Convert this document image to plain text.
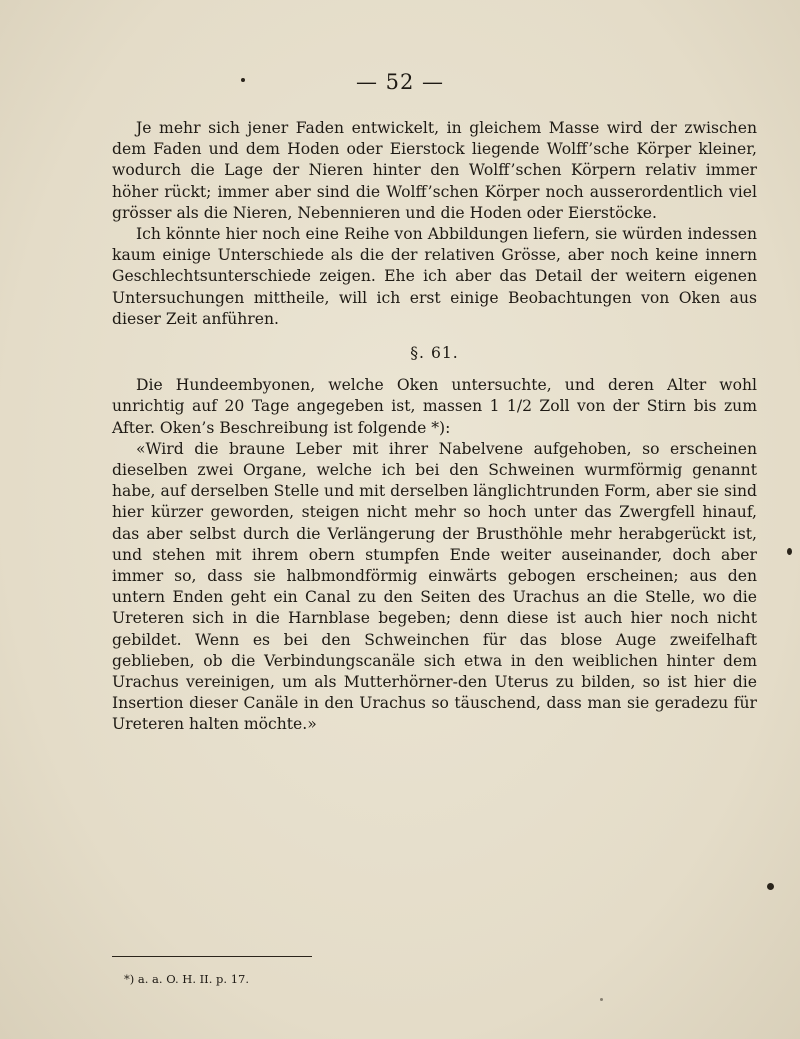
— 52 —

Je mehr sich jener Faden entwickelt, in gleichem Masse wird der zwischen dem Faden und dem Hoden oder Eierstock liegende Wolff’sche Körper kleiner, wodurch die Lage der Nieren hinter den Wolff’schen Körpern relativ immer höher rückt; immer aber sind die Wolff’schen Körper noch ausserordentlich viel grösser als die Nieren, Nebennieren und die Hoden oder Eierstöcke.

Ich könnte hier noch eine Reihe von Abbildungen liefern, sie würden indessen kaum einige Unterschiede als die der relativen Grösse, aber noch keine innern Geschlechtsunterschiede zeigen. Ehe ich aber das Detail der weitern eigenen Untersuchungen mittheile, will ich erst einige Beobachtungen von Oken aus dieser Zeit anführen.

§. 61.

Die Hundeembyonen, welche Oken untersuchte, und deren Alter wohl unrichtig auf 20 Tage angegeben ist, massen 1 1/2 Zoll von der Stirn bis zum After. Oken’s Beschreibung ist folgende *):

«Wird die braune Leber mit ihrer Nabelvene aufgehoben, so erscheinen dieselben zwei Organe, welche ich bei den Schweinen wurmförmig genannt habe, auf derselben Stelle und mit derselben länglichtrunden Form, aber sie sind hier kürzer geworden, steigen nicht mehr so hoch unter das Zwergfell hinauf, das aber selbst durch die Verlängerung der Brusthöhle mehr herabgerückt ist, und stehen mit ihrem obern stumpfen Ende weiter auseinander, doch aber immer so, dass sie halbmondförmig einwärts gebogen erscheinen; aus den untern Enden geht ein Canal zu den Seiten des Urachus an die Stelle, wo die Ureteren sich in die Harnblase begeben; denn diese ist auch hier noch nicht gebildet. Wenn es bei den Schweinchen für das blose Auge zweifelhaft geblieben, ob die Verbindungscanäle sich etwa in den weiblichen hinter dem Urachus vereinigen, um als Mutterhörner-den Uterus zu bilden, so ist hier die Insertion dieser Canäle in den Urachus so täuschend, dass man sie geradezu für Ureteren halten möchte.»

*) a. a. O. H. II. p. 17.
